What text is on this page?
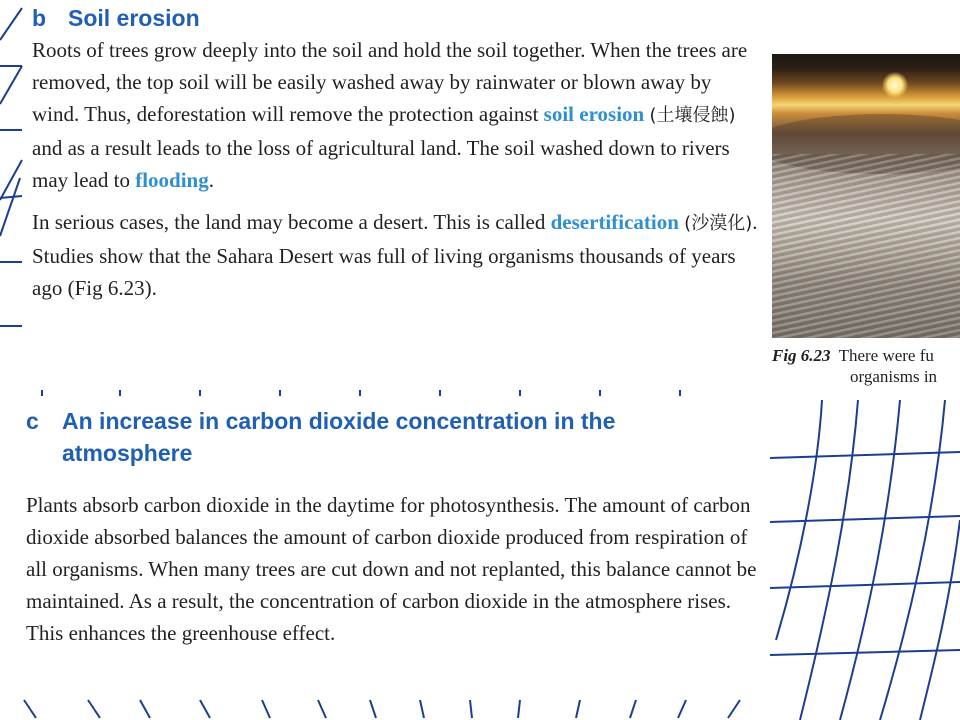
b Soil erosion

Roots of trees grow deeply into the soil and hold the soil together. When the trees are removed, the top soil will be easily washed away by rainwater or blown away by wind. Thus, deforestation will remove the protection against soil erosion (土壤侵蝕) and as a result leads to the loss of agricultural land. The soil washed down to rivers may lead to flooding.

In serious cases, the land may become a desert. This is called desertification (沙漠化). Studies show that the Sahara Desert was full of living organisms thousands of years ago (Fig 6.23).

Fig 6.23 There were fu
organisms in
c An increase in carbon dioxide concentration in the
atmosphere

Plants absorb carbon dioxide in the daytime for photosynthesis. The amount of carbon dioxide absorbed balances the amount of carbon dioxide produced from respiration of all organisms. When many trees are cut down and not replanted, this balance cannot be maintained. As a result, the concentration of carbon dioxide in the atmosphere rises. This enhances the greenhouse effect.
